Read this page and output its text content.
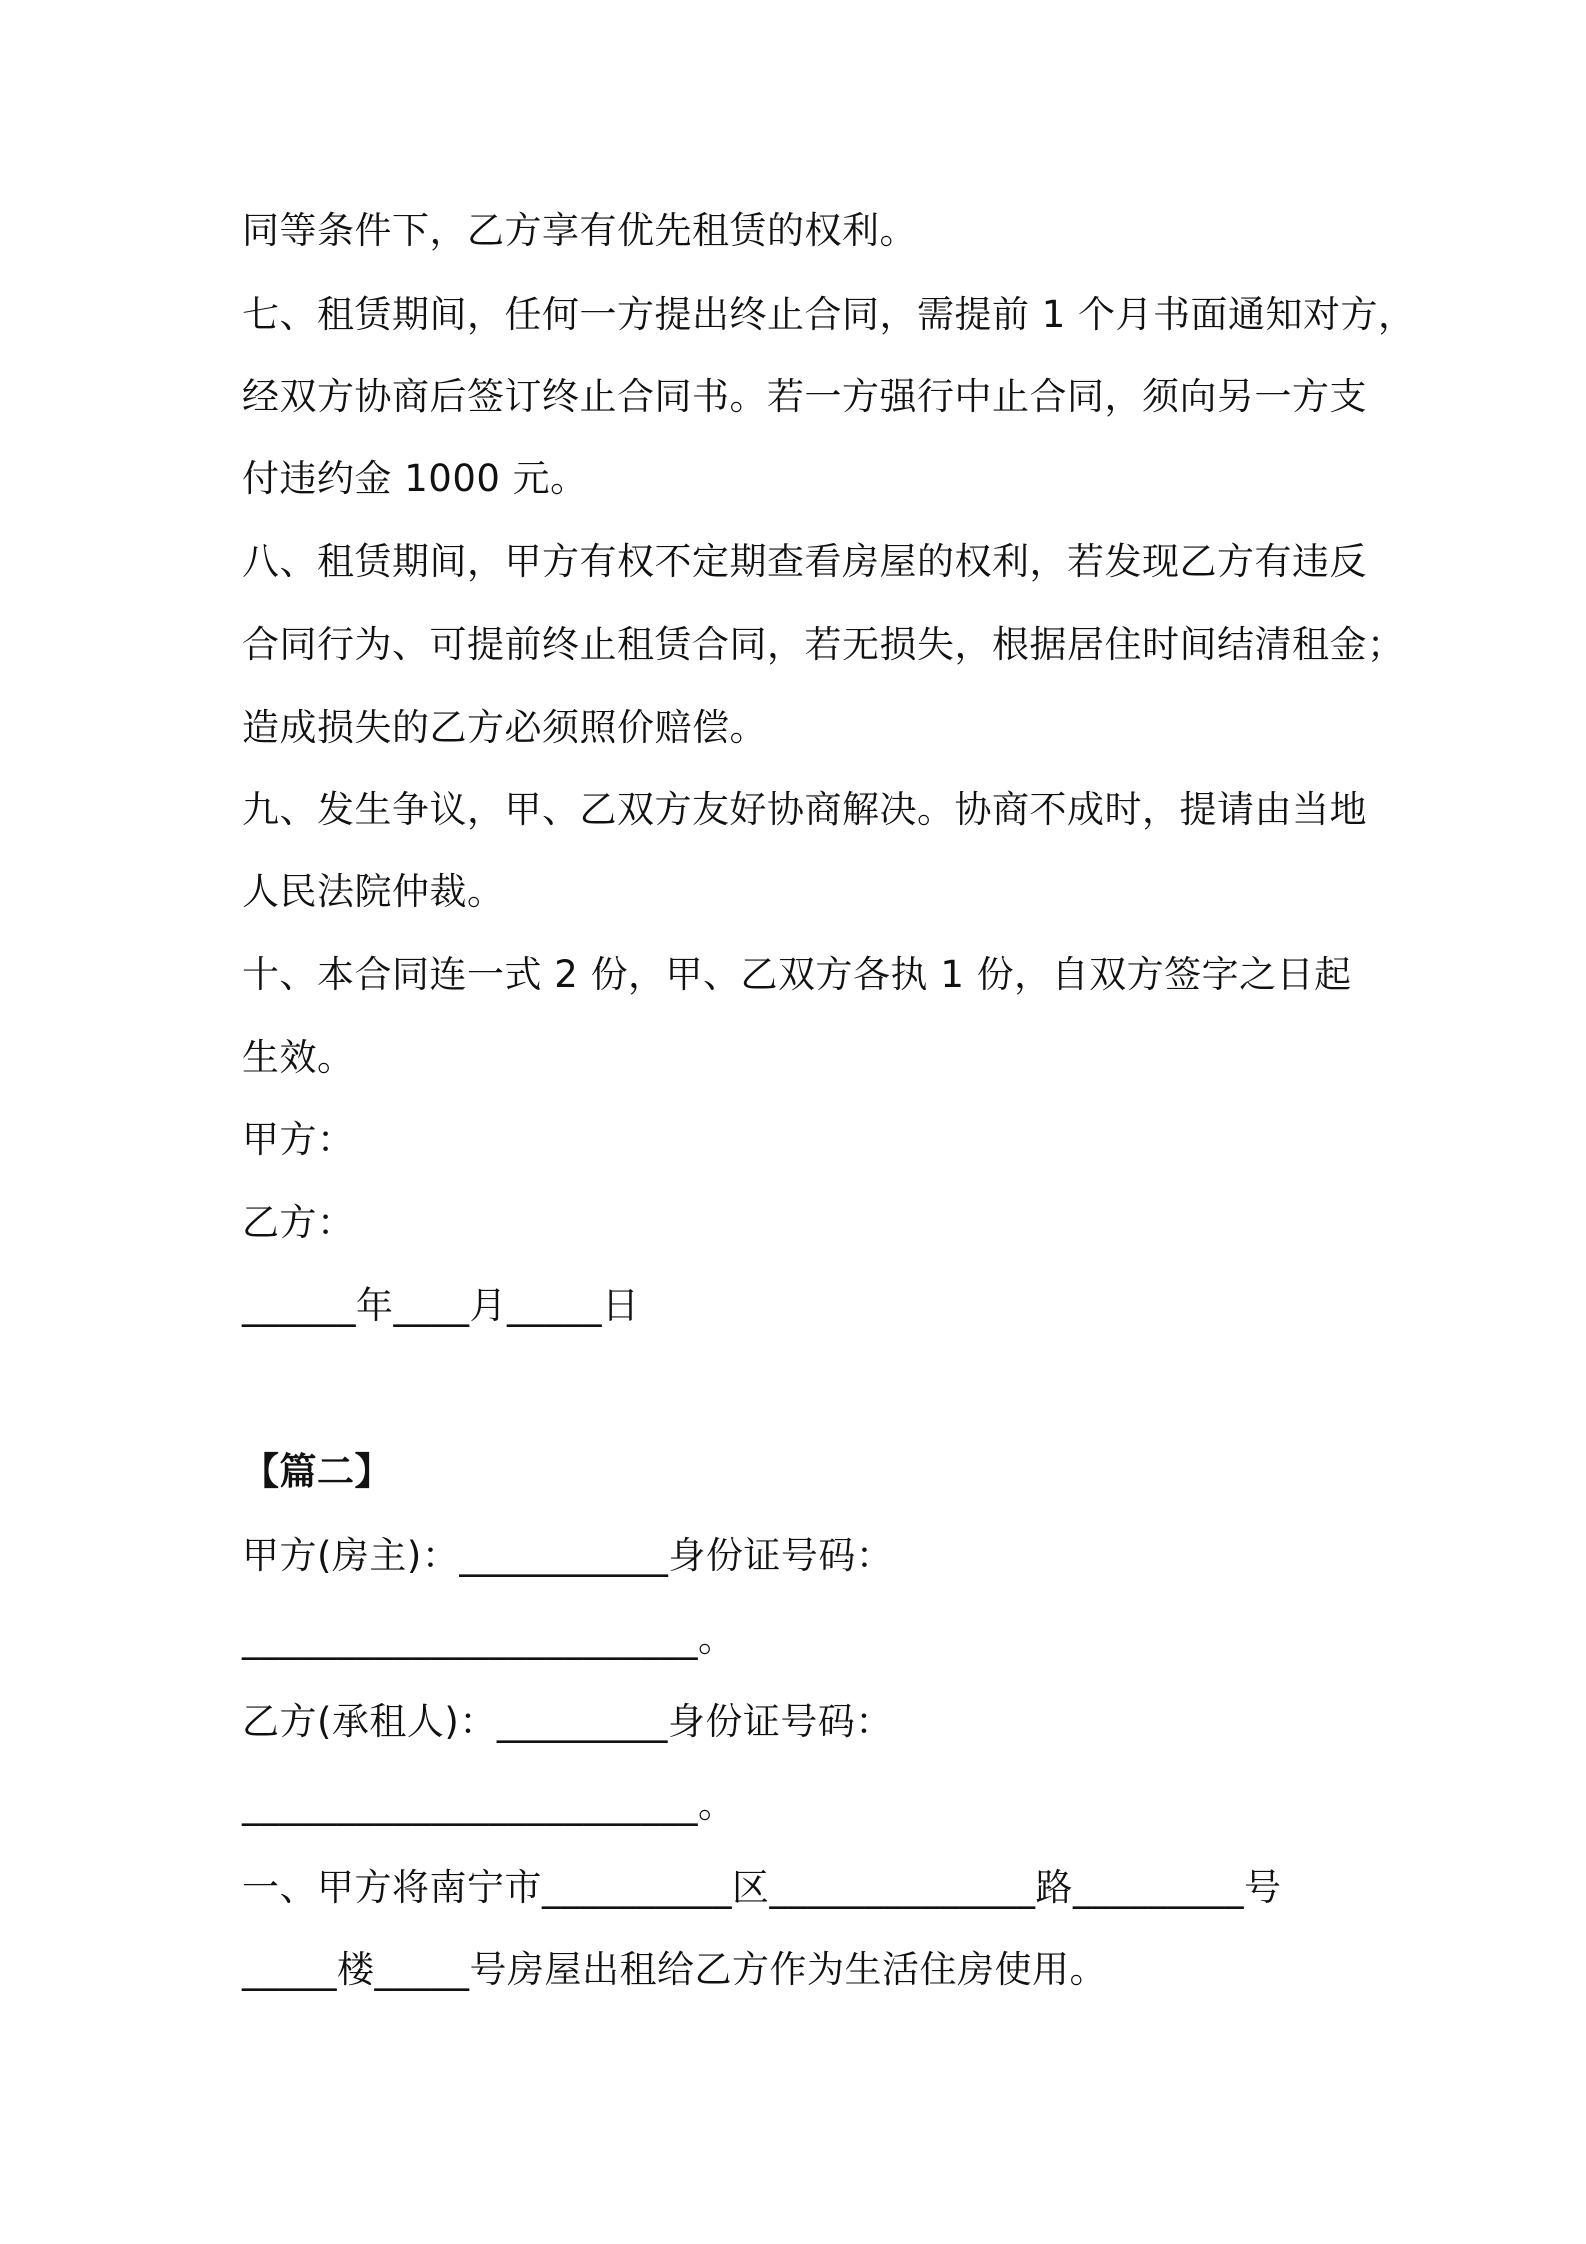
同等条件下，乙方享有优先租赁的权利。
七、租赁期间，任何一方提出终止合同，需提前 1 个月书面通知对方，
经双方协商后签订终止合同书。若一方强行中止合同，须向另一方支
付违约金 1000 元。
八、租赁期间，甲方有权不定期查看房屋的权利，若发现乙方有违反
合同行为、可提前终止租赁合同，若无损失，根据居住时间结清租金；
造成损失的乙方必须照价赔偿。
九、发生争议，甲、乙双方友好协商解决。协商不成时，提请由当地
人民法院仲裁。
十、本合同连一式 2 份，甲、乙双方各执 1 份，自双方签字之日起
生效。
甲方：
乙方：
______年____月_____日
【篇二】
甲方(房主)：___________身份证号码：
________________________。
乙方(承租人)：_________身份证号码：
________________________。
一、甲方将南宁市__________区______________路_________号
_____楼_____号房屋出租给乙方作为生活住房使用。
